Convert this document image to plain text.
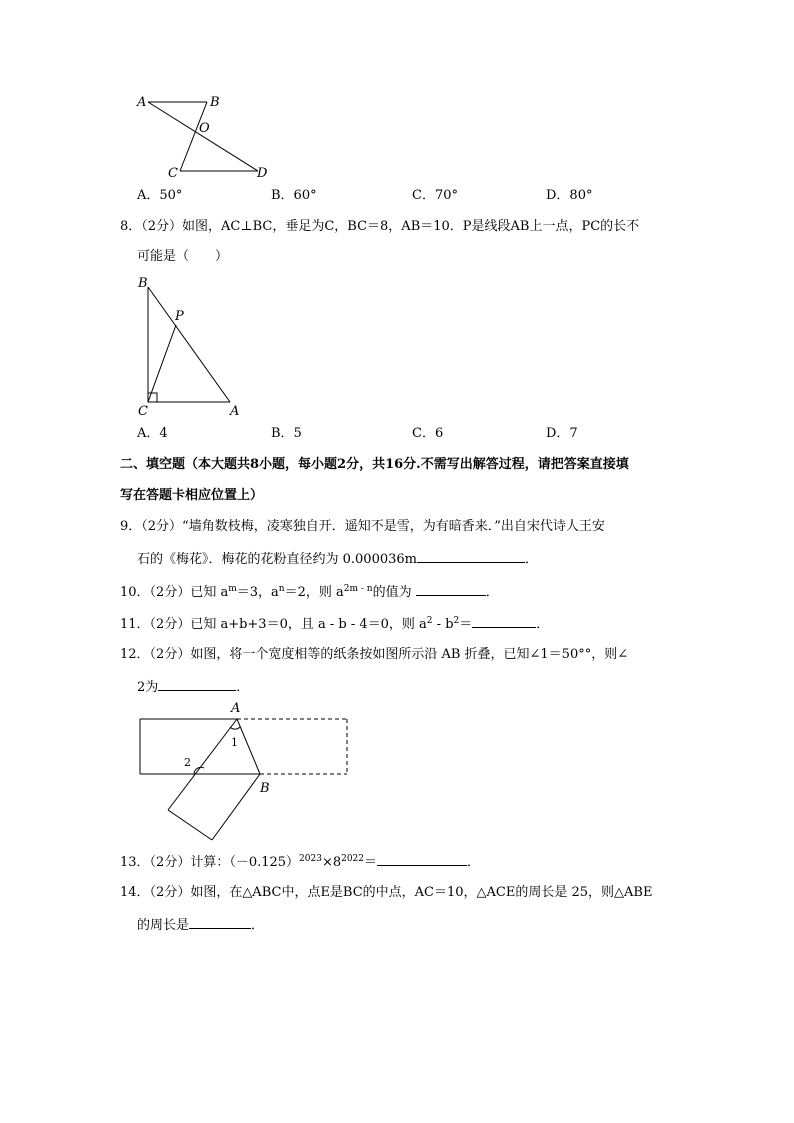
A	B
O
C	D
A．50°	B．60°	C．70°	D．80°
8．（2分）如图，AC⊥BC，垂足为C，BC＝8，AB＝10．P是线段AB上一点，PC的长不
可能是（　　）
B
P
C	A
A．4	B．5	C．6	D．7
二、填空题（本大题共8小题，每小题2分，共16分.不需写出解答过程，请把答案直接填
写在答题卡相应位置上）
9．（2分）“墙角数枝梅，凌寒独自开．遥知不是雪，为有暗香来．”出自宋代诗人王安
石的《梅花》．梅花的花粉直径约为 0.000036m	．
10．（2分）已知 $a^m=3$，$a^n=2$，则 $a^{2m - n}$的值为	．
11．（2分）已知 a+b+3＝0，且 a - b - 4＝0，则 $a^2 - b^2=$	．
12．（2分）如图，将一个宽度相等的纸条按如图所示沿 AB 折叠，已知∠1＝50°°，则∠
2为	．
A
B
1
2
13．（2分）计算：$(-0.125)^{2023}\times 8^{2022}=$	．
14．（2分）如图，在△ABC中，点E是BC的中点，AC＝10，△ACE的周长是 25，则△ABE
的周长是	．
